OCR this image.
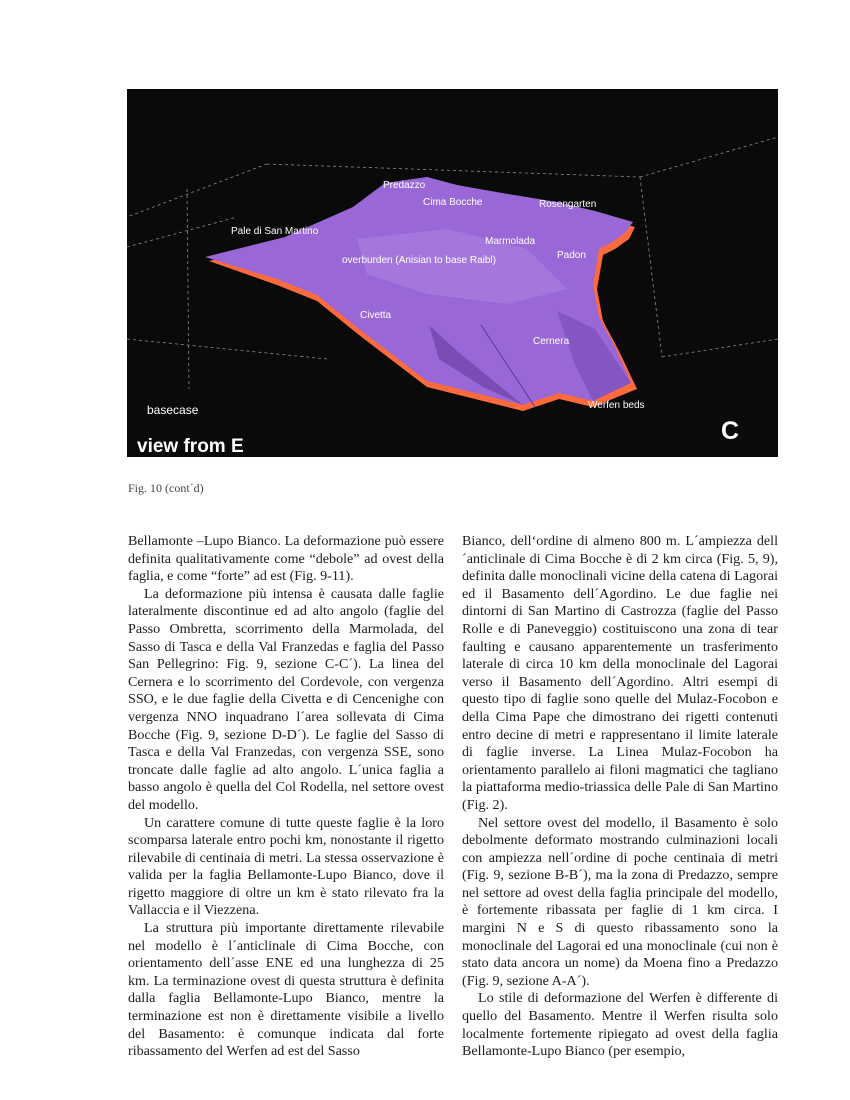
Predazzo
Cima Bocche	Rosengarten
Pale di San Martino
Marmolada
Padon
overburden (Anisian to base Raibl)
Civetta
Cernera
Werfen beds
basecase
view from E
C
Fig. 10 (cont´d)

Bellamonte –Lupo Bianco. La deformazione può essere definita qualitativamente come “debole” ad ovest della faglia, e come “forte” ad est (Fig. 9-11).

La deformazione più intensa è causata dalle faglie lateralmente discontinue ed ad alto angolo (faglie del Passo Ombretta, scorrimento della Marmolada, del Sasso di Tasca e della Val Franzedas e faglia del Passo San Pellegrino: Fig. 9, sezione C-C´). La linea del Cernera e lo scorrimento del Cordevole, con vergenza SSO, e le due faglie della Civetta e di Cencenighe con vergenza NNO inquadrano l´area sollevata di Cima Bocche (Fig. 9, sezione D-D´). Le faglie del Sasso di Tasca e della Val Franzedas, con vergenza SSE, sono troncate dalle faglie ad alto angolo. L´unica faglia a basso angolo è quella del Col Rodella, nel settore ovest del modello.

Un carattere comune di tutte queste faglie è la loro scomparsa laterale entro pochi km, nonostante il rigetto rilevabile di centinaia di metri. La stessa osservazione è valida per la faglia Bellamonte-Lupo Bianco, dove il rigetto maggiore di oltre un km è stato rilevato fra la Vallaccia e il Viezzena.

La struttura più importante direttamente rilevabile nel modello è l´anticlinale di Cima Bocche, con orientamento dell´asse ENE ed una lunghezza di 25 km. La terminazione ovest di questa struttura è definita dalla faglia Bellamonte-Lupo Bianco, mentre la terminazione est non è direttamente visibile a livello del Basamento: è comunque indicata dal forte ribassamento del Werfen ad est del Sasso

Bianco, dell‘ordine di almeno 800 m. L´ampiezza dell´anticlinale di Cima Bocche è di 2 km circa (Fig. 5, 9), definita dalle monoclinali vicine della catena di Lagorai ed il Basamento dell´Agordino. Le due faglie nei dintorni di San Martino di Castrozza (faglie del Passo Rolle e di Paneveggio) costituiscono una zona di tear faulting e causano apparentemente un trasferimento laterale di circa 10 km della monoclinale del Lagorai verso il Basamento dell´Agordino. Altri esempi di questo tipo di faglie sono quelle del Mulaz-Focobon e della Cima Pape che dimostrano dei rigetti contenuti entro decine di metri e rappresentano il limite laterale di faglie inverse. La Linea Mulaz-Focobon ha orientamento parallelo ai filoni magmatici che tagliano la piattaforma medio-triassica delle Pale di San Martino (Fig. 2).

Nel settore ovest del modello, il Basamento è solo debolmente deformato mostrando culminazioni locali con ampiezza nell´ordine di poche centinaia di metri (Fig. 9, sezione B-B´), ma la zona di Predazzo, sempre nel settore ad ovest della faglia principale del modello, è fortemente ribassata per faglie di 1 km circa. I margini N e S di questo ribassamento sono la monoclinale del Lagorai ed una monoclinale (cui non è stato data ancora un nome) da Moena fino a Predazzo (Fig. 9, sezione A-A´).

Lo stile di deformazione del Werfen è differente di quello del Basamento. Mentre il Werfen risulta solo localmente fortemente ripiegato ad ovest della faglia Bellamonte-Lupo Bianco (per esempio,
